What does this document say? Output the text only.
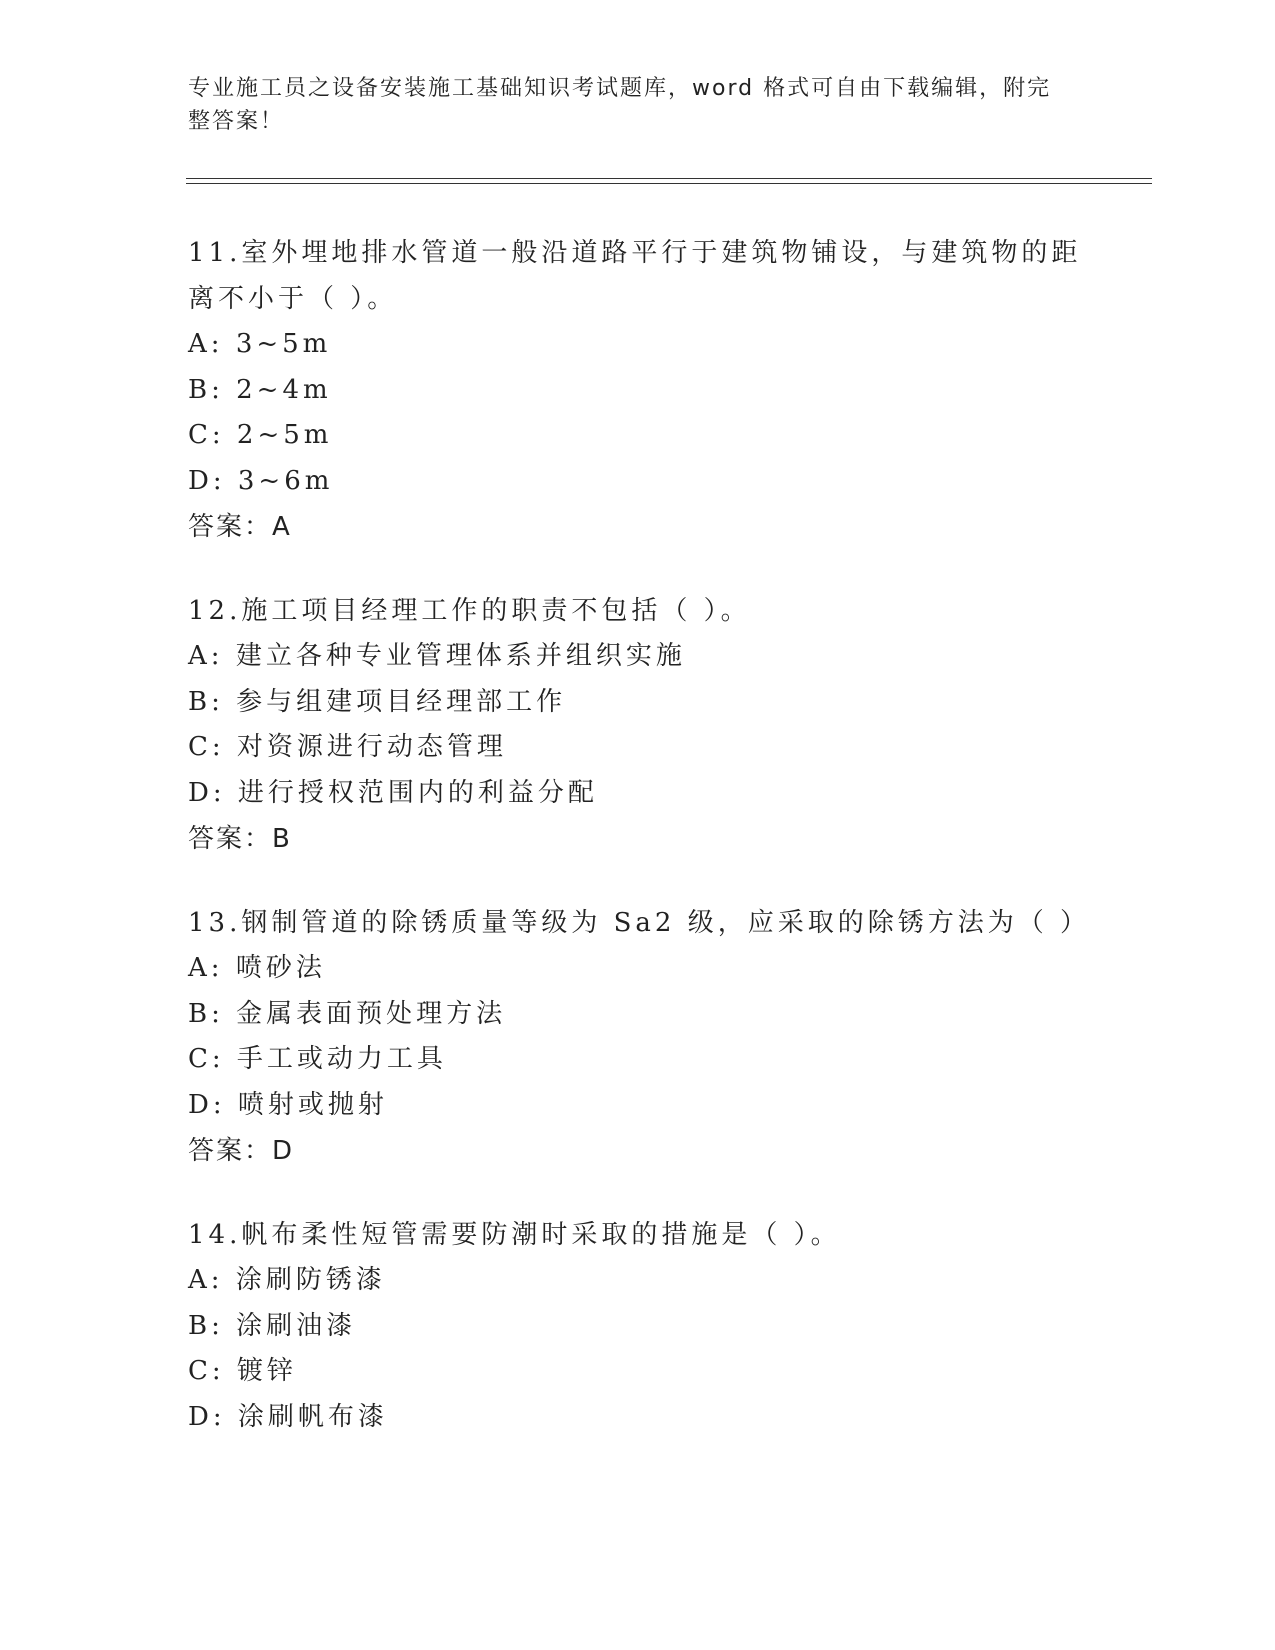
专业施工员之设备安装施工基础知识考试题库，word 格式可自由下载编辑，附完整答案！

11.室外埋地排水管道一般沿道路平行于建筑物铺设，与建筑物的距离不小于（ ）。

A: 3~5m

B: 2~4m

C: 2~5m

D: 3~6m

答案：A

12.施工项目经理工作的职责不包括（ ）。

A: 建立各种专业管理体系并组织实施

B: 参与组建项目经理部工作

C: 对资源进行动态管理

D: 进行授权范围内的利益分配

答案：B

13.钢制管道的除锈质量等级为 Sa2 级，应采取的除锈方法为（ ）

A: 喷砂法

B: 金属表面预处理方法

C: 手工或动力工具

D: 喷射或抛射

答案：D

14.帆布柔性短管需要防潮时采取的措施是（ ）。

A: 涂刷防锈漆

B: 涂刷油漆

C: 镀锌

D: 涂刷帆布漆
